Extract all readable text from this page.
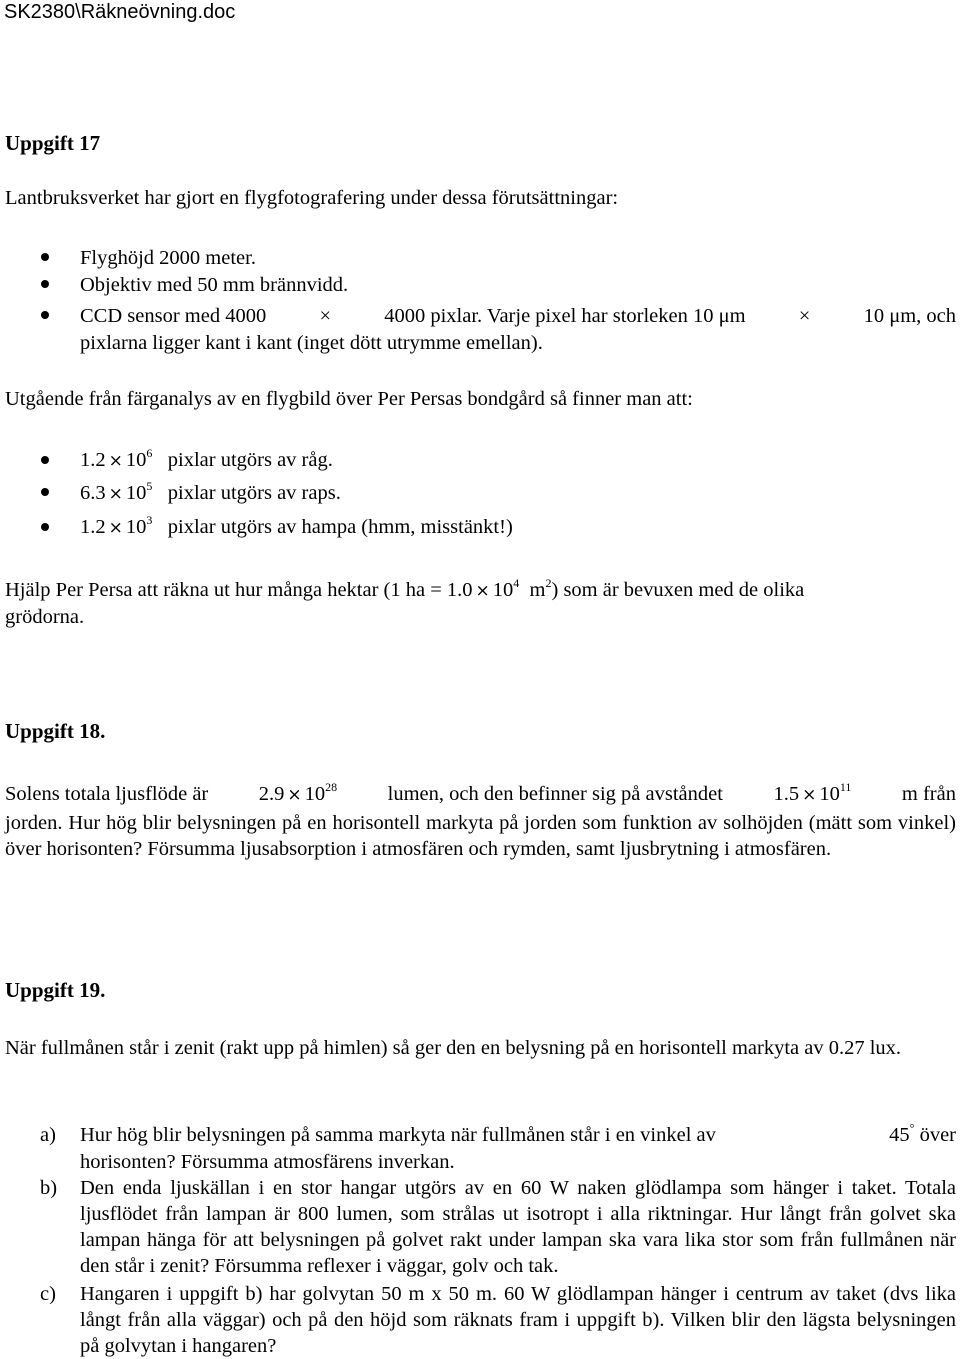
SK2380\Räkneövning.doc
Uppgift 17
Lantbruksverket har gjort en flygfotografering under dessa förutsättningar:
Flyghöjd 2000 meter.
Objektiv med 50 mm brännvidd.
CCD sensor med 4000	×	4000 pixlar. Varje pixel har storleken 10 μm	×	10 μm, och
pixlarna ligger kant i kant (inget dött utrymme emellan).
Utgående från färganalys av en flygbild över Per Persas bondgård så finner man att:
$1.2 \times 10^6$ pixlar utgörs av råg.
$6.3 \times 10^5$ pixlar utgörs av raps.
$1.2 \times 10^3$ pixlar utgörs av hampa (hmm, misstänkt!)
Hjälp Per Persa att räkna ut hur många hektar (1 ha = $1.0 \times 10^4$ $m^2$) som är bevuxen med de olika
grödorna.
Uppgift 18.
Solens totala ljusflöde är $2.9 \times 10^{28}$ lumen, och den befinner sig på avståndet $1.5 \times 10^{11}$ m från
jorden. Hur hög blir belysningen på en horisontell markyta på jorden som funktion av solhöjden (mätt som vinkel) över horisonten? Försumma ljusabsorption i atmosfären och rymden, samt ljusbrytning i atmosfären.
Uppgift 19.
När fullmånen står i zenit (rakt upp på himlen) så ger den en belysning på en horisontell markyta av 0.27 lux.
a) Hur hög blir belysningen på samma markyta när fullmånen står i en vinkel av	45° över
horisonten? Försumma atmosfärens inverkan.
b) Den enda ljuskällan i en stor hangar utgörs av en 60 W naken glödlampa som hänger i taket. Totala ljusflödet från lampan är 800 lumen, som strålas ut isotropt i alla riktningar. Hur långt från golvet ska lampan hänga för att belysningen på golvet rakt under lampan ska vara lika stor som från fullmånen när den står i zenit? Försumma reflexer i väggar, golv och tak.
c) Hangaren i uppgift b) har golvytan 50 m x 50 m. 60 W glödlampan hänger i centrum av taket (dvs lika långt från alla väggar) och på den höjd som räknats fram i uppgift b). Vilken blir den lägsta belysningen på golvytan i hangaren?
